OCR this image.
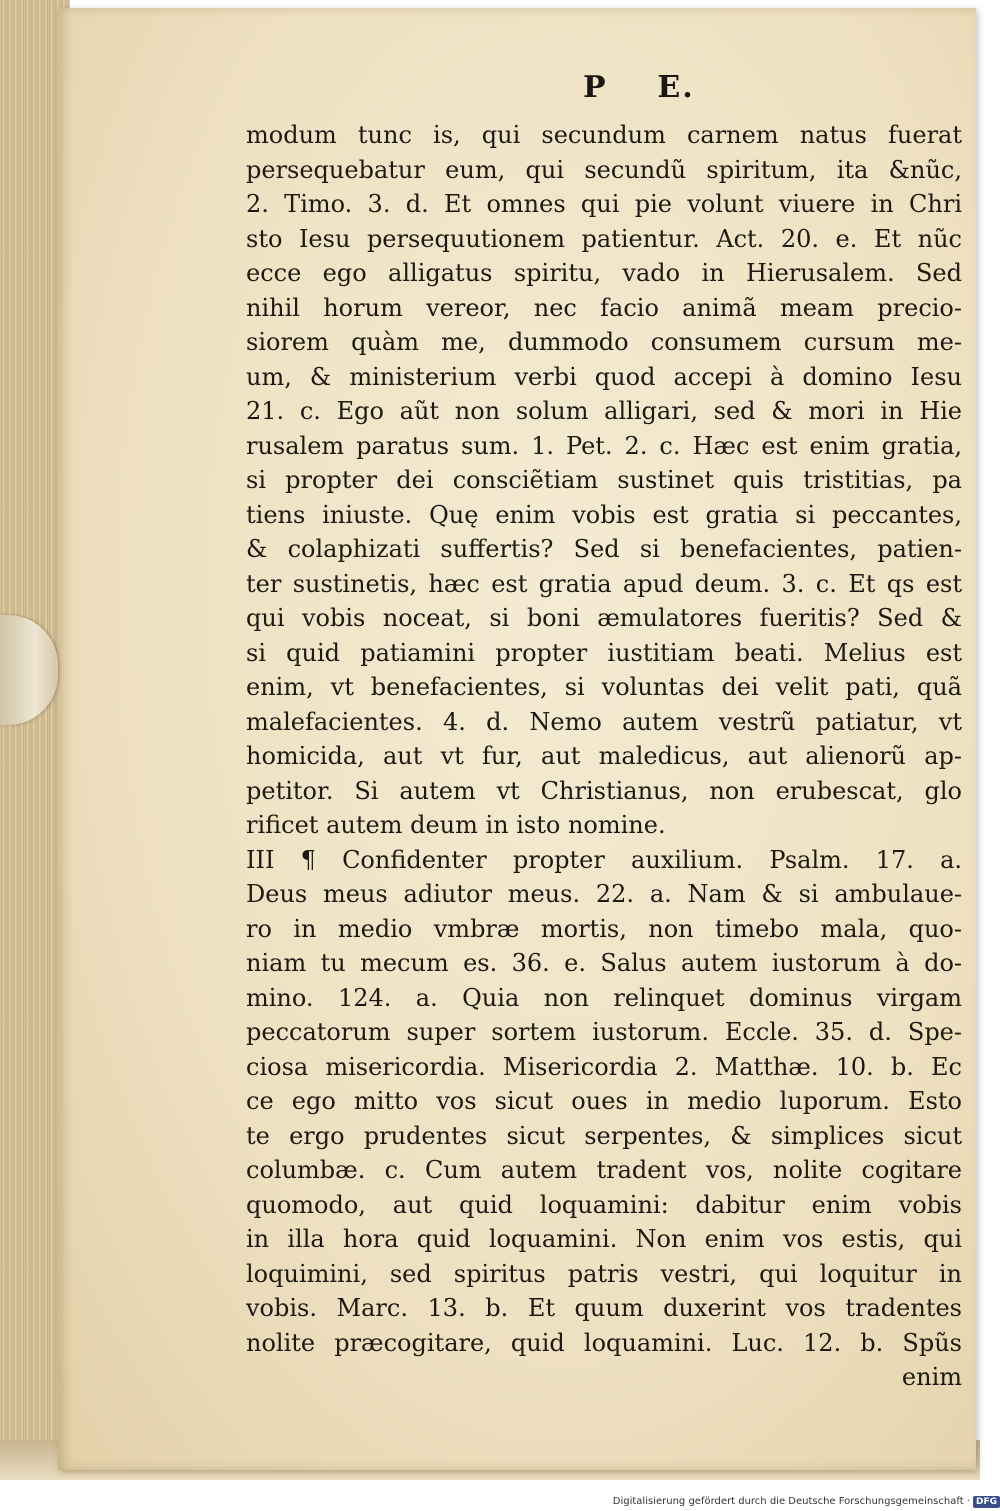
P    E.
modum tunc is, qui secundum carnem natus fuerat
persequebatur eum, qui secundũ spiritum, ita &nũc,
2. Timo. 3. d. Et omnes qui pie volunt viuere in Chri
sto Iesu persequutionem patientur. Act. 20. e. Et nũc
ecce ego alligatus spiritu, vado in Hierusalem. Sed
nihil horum vereor, nec facio animã meam precio-
siorem quàm me, dummodo consumem cursum me-
um, & ministerium verbi quod accepi à domino Iesu
21. c. Ego aũt non solum alligari, sed & mori in Hie
rusalem paratus sum. 1. Pet. 2. c. Hæc est enim gratia,
si propter dei consciẽtiam sustinet quis tristitias, pa
tiens iniuste. Quę enim vobis est gratia si peccantes,
& colaphizati suffertis? Sed si benefacientes, patien-
ter sustinetis, hæc est gratia apud deum. 3. c. Et qs est
qui vobis noceat, si boni æmulatores fueritis? Sed &
si quid patiamini propter iustitiam beati. Melius est
enim, vt benefacientes, si voluntas dei velit pati, quã
malefacientes. 4. d. Nemo autem vestrũ patiatur, vt
homicida, aut vt fur, aut maledicus, aut alienorũ ap-
petitor. Si autem vt Christianus, non erubescat, glo
rificet autem deum in isto nomine.
III ¶ Confidenter propter auxilium. Psalm. 17. a.
Deus meus adiutor meus. 22. a. Nam & si ambulaue-
ro in medio vmbræ mortis, non timebo mala, quo-
niam tu mecum es. 36. e. Salus autem iustorum à do-
mino. 124. a. Quia non relinquet dominus virgam
peccatorum super sortem iustorum. Eccle. 35. d. Spe-
ciosa misericordia. Misericordia 2. Matthæ. 10. b. Ec
ce ego mitto vos sicut oues in medio luporum. Esto
te ergo prudentes sicut serpentes, & simplices sicut
columbæ. c. Cum autem tradent vos, nolite cogitare
quomodo, aut quid loquamini: dabitur enim vobis
in illa hora quid loquamini. Non enim vos estis, qui
loquimini, sed spiritus patris vestri, qui loquitur in
vobis. Marc. 13. b. Et quum duxerint vos tradentes
nolite præcogitare, quid loquamini. Luc. 12. b. Spũs
enim
Digitalisierung gefördert durch die Deutsche Forschungsgemeinschaft · DFG
